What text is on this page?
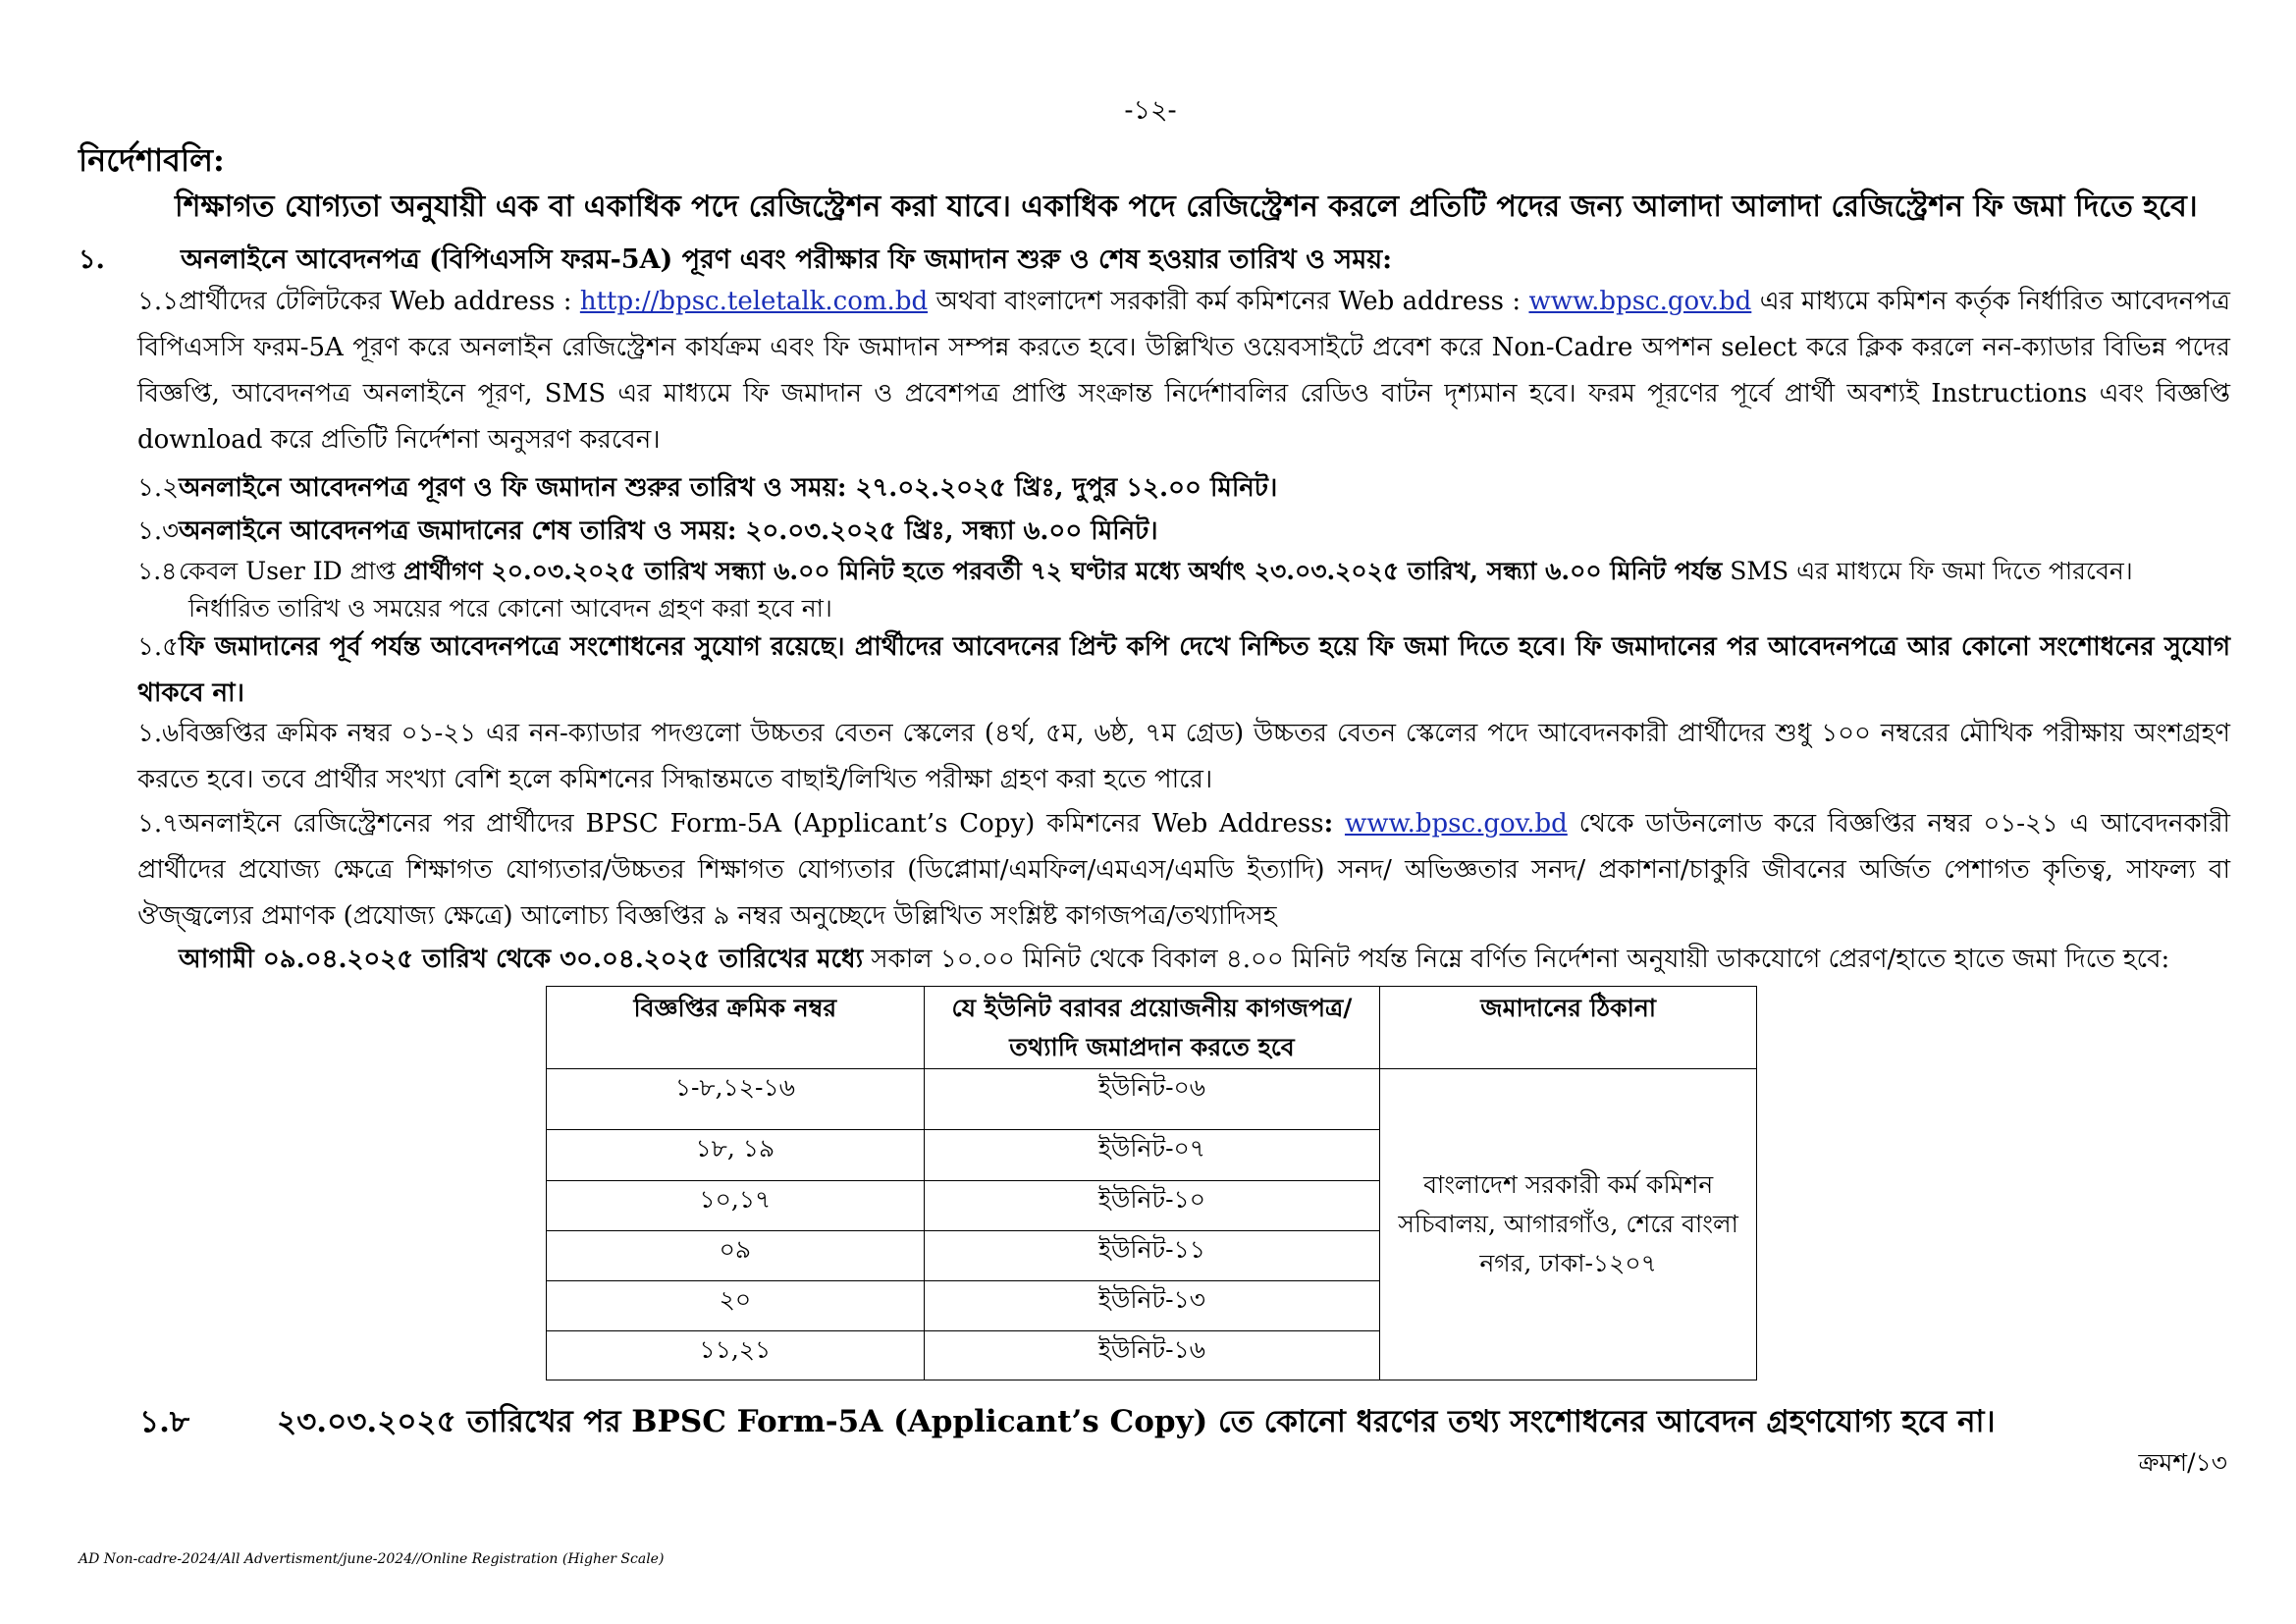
-১২-
নির্দেশাবলি:
শিক্ষাগত যোগ্যতা অনুযায়ী এক বা একাধিক পদে রেজিস্ট্রেশন করা যাবে। একাধিক পদে রেজিস্ট্রেশন করলে প্রতিটি পদের জন্য আলাদা আলাদা রেজিস্ট্রেশন ফি জমা দিতে হবে।
১.	অনলাইনে আবেদনপত্র (বিপিএসসি ফরম-5A) পূরণ এবং পরীক্ষার ফি জমাদান শুরু ও শেষ হওয়ার তারিখ ও সময়:
১.১প্রার্থীদের টেলিটকের Web address : http://bpsc.teletalk.com.bd অথবা বাংলাদেশ সরকারী কর্ম কমিশনের Web address : www.bpsc.gov.bd এর মাধ্যমে কমিশন কর্তৃক নির্ধারিত আবেদনপত্র বিপিএসসি ফরম-5A পূরণ করে অনলাইন রেজিস্ট্রেশন কার্যক্রম এবং ফি জমাদান সম্পন্ন করতে হবে। উল্লিখিত ওয়েবসাইটে প্রবেশ করে Non-Cadre অপশন select করে ক্লিক করলে নন-ক্যাডার বিভিন্ন পদের বিজ্ঞপ্তি, আবেদনপত্র অনলাইনে পূরণ, SMS এর মাধ্যমে ফি জমাদান ও প্রবেশপত্র প্রাপ্তি সংক্রান্ত নির্দেশাবলির রেডিও বাটন দৃশ্যমান হবে। ফরম পূরণের পূর্বে প্রার্থী অবশ্যই Instructions এবং বিজ্ঞপ্তি download করে প্রতিটি নির্দেশনা অনুসরণ করবেন।
১.২অনলাইনে আবেদনপত্র পূরণ ও ফি জমাদান শুরুর তারিখ ও সময়: ২৭.০২.২০২৫ খ্রিঃ, দুপুর ১২.০০ মিনিট।
১.৩অনলাইনে আবেদনপত্র জমাদানের শেষ তারিখ ও সময়: ২০.০৩.২০২৫ খ্রিঃ, সন্ধ্যা ৬.০০ মিনিট।
১.৪কেবল User ID প্রাপ্ত প্রার্থীগণ ২০.০৩.২০২৫ তারিখ সন্ধ্যা ৬.০০ মিনিট হতে পরবর্তী ৭২ ঘণ্টার মধ্যে অর্থাৎ ২৩.০৩.২০২৫ তারিখ, সন্ধ্যা ৬.০০ মিনিট পর্যন্ত SMS এর মাধ্যমে ফি জমা দিতে পারবেন।
নির্ধারিত তারিখ ও সময়ের পরে কোনো আবেদন গ্রহণ করা হবে না।
১.৫ফি জমাদানের পূর্ব পর্যন্ত আবেদনপত্রে সংশোধনের সুযোগ রয়েছে। প্রার্থীদের আবেদনের প্রিন্ট কপি দেখে নিশ্চিত হয়ে ফি জমা দিতে হবে। ফি জমাদানের পর আবেদনপত্রে আর কোনো সংশোধনের সুযোগ থাকবে না।
১.৬বিজ্ঞপ্তির ক্রমিক নম্বর ০১-২১ এর নন-ক্যাডার পদগুলো উচ্চতর বেতন স্কেলের (৪র্থ, ৫ম, ৬ষ্ঠ, ৭ম গ্রেড) উচ্চতর বেতন স্কেলের পদে আবেদনকারী প্রার্থীদের শুধু ১০০ নম্বরের মৌখিক পরীক্ষায় অংশগ্রহণ করতে হবে। তবে প্রার্থীর সংখ্যা বেশি হলে কমিশনের সিদ্ধান্তমতে বাছাই/লিখিত পরীক্ষা গ্রহণ করা হতে পারে।
১.৭অনলাইনে রেজিস্ট্রেশনের পর প্রার্থীদের BPSC Form-5A (Applicant’s Copy) কমিশনের Web Address: www.bpsc.gov.bd থেকে ডাউনলোড করে বিজ্ঞপ্তির নম্বর ০১-২১ এ আবেদনকারী প্রার্থীদের প্রযোজ্য ক্ষেত্রে শিক্ষাগত যোগ্যতার/উচ্চতর শিক্ষাগত যোগ্যতার (ডিপ্লোমা/এমফিল/এমএস/এমডি ইত্যাদি) সনদ/ অভিজ্ঞতার সনদ/ প্রকাশনা/চাকুরি জীবনের অর্জিত পেশাগত কৃতিত্ব, সাফল্য বা ঔজ্জ্বল্যের প্রমাণক (প্রযোজ্য ক্ষেত্রে) আলোচ্য বিজ্ঞপ্তির ৯ নম্বর অনুচ্ছেদে উল্লিখিত সংশ্লিষ্ট কাগজপত্র/তথ্যাদিসহ
আগামী ০৯.০৪.২০২৫ তারিখ থেকে ৩০.০৪.২০২৫ তারিখের মধ্যে সকাল ১০.০০ মিনিট থেকে বিকাল ৪.০০ মিনিট পর্যন্ত নিম্নে বর্ণিত নির্দেশনা অনুযায়ী ডাকযোগে প্রেরণ/হাতে হাতে জমা দিতে হবে:
বিজ্ঞপ্তির ক্রমিক নম্বর	যে ইউনিট বরাবর প্রয়োজনীয় কাগজপত্র/তথ্যাদি জমাপ্রদান করতে হবে	জমাদানের ঠিকানা
১-৮,১২-১৬	ইউনিট-০৬	বাংলাদেশ সরকারী কর্ম কমিশন সচিবালয়, আগারগাঁও, শেরে বাংলা নগর, ঢাকা-১২০৭
১৮, ১৯	ইউনিট-০৭	
১০,১৭	ইউনিট-১০	
০৯	ইউনিট-১১	
২০	ইউনিট-১৩	
১১,২১	ইউনিট-১৬	
১.৮	২৩.০৩.২০২৫ তারিখের পর BPSC Form-5A (Applicant’s Copy) তে কোনো ধরণের তথ্য সংশোধনের আবেদন গ্রহণযোগ্য হবে না।
ক্রমশ/১৩
AD Non-cadre-2024/All Advertisment/june-2024//Online Registration (Higher Scale)
